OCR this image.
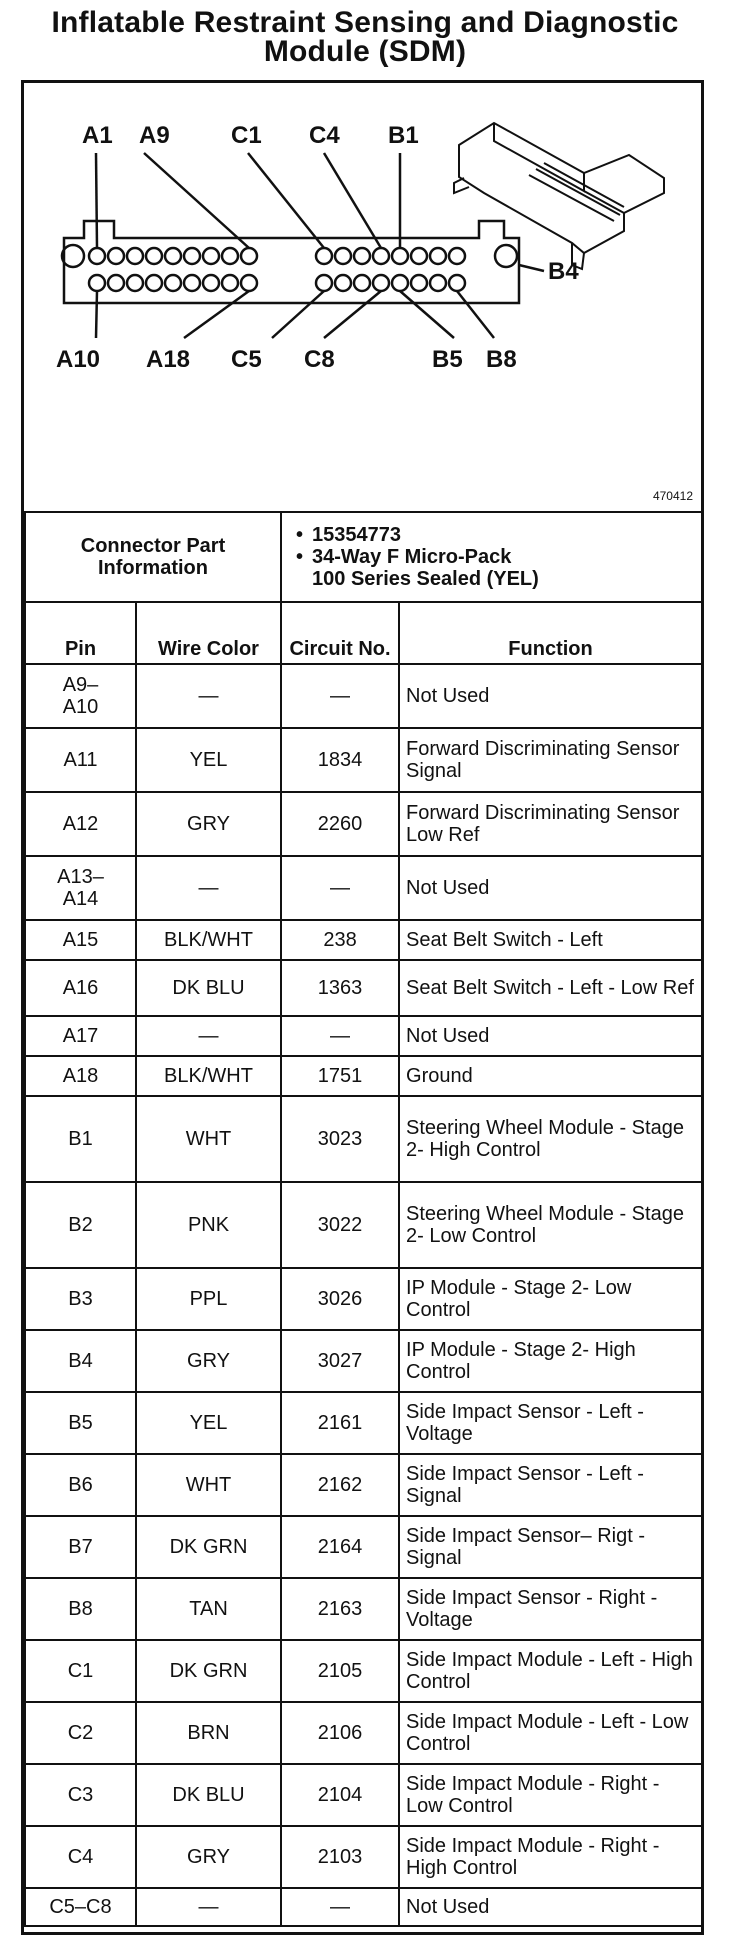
Inflatable Restraint Sensing and Diagnostic
Module (SDM)
A1 A9	C1 C4 B1
A10 A18 C5 C8	B5 B8
B4
470412
Connector Part Information		• 15354773
• 34-Way F Micro-Pack
100 Series Sealed (YEL)

Pin	Wire Color	Circuit No.	Function
A9–
A10	—	—	Not Used
A11	YEL	1834	Forward Discriminating Sensor Signal
A12	GRY	2260	Forward Discriminating Sensor Low Ref
A13–
A14	—	—	Not Used
A15	BLK/WHT	238	Seat Belt Switch - Left
A16	DK BLU	1363	Seat Belt Switch - Left - Low Ref
A17	—	—	Not Used
A18	BLK/WHT	1751	Ground
B1	WHT	3023	Steering Wheel Module - Stage 2- High Control
B2	PNK	3022	Steering Wheel Module - Stage 2- Low Control
B3	PPL	3026	IP Module - Stage 2- Low Control
B4	GRY	3027	IP Module - Stage 2- High Control
B5	YEL	2161	Side Impact Sensor - Left - Voltage
B6	WHT	2162	Side Impact Sensor - Left - Signal
B7	DK GRN	2164	Side Impact Sensor– Rigt - Signal
B8	TAN	2163	Side Impact Sensor - Right - Voltage
C1	DK GRN	2105	Side Impact Module - Left - High Control
C2	BRN	2106	Side Impact Module - Left - Low Control
C3	DK BLU	2104	Side Impact Module - Right - Low Control
C4	GRY	2103	Side Impact Module - Right - High Control
C5–C8	—	—	Not Used
